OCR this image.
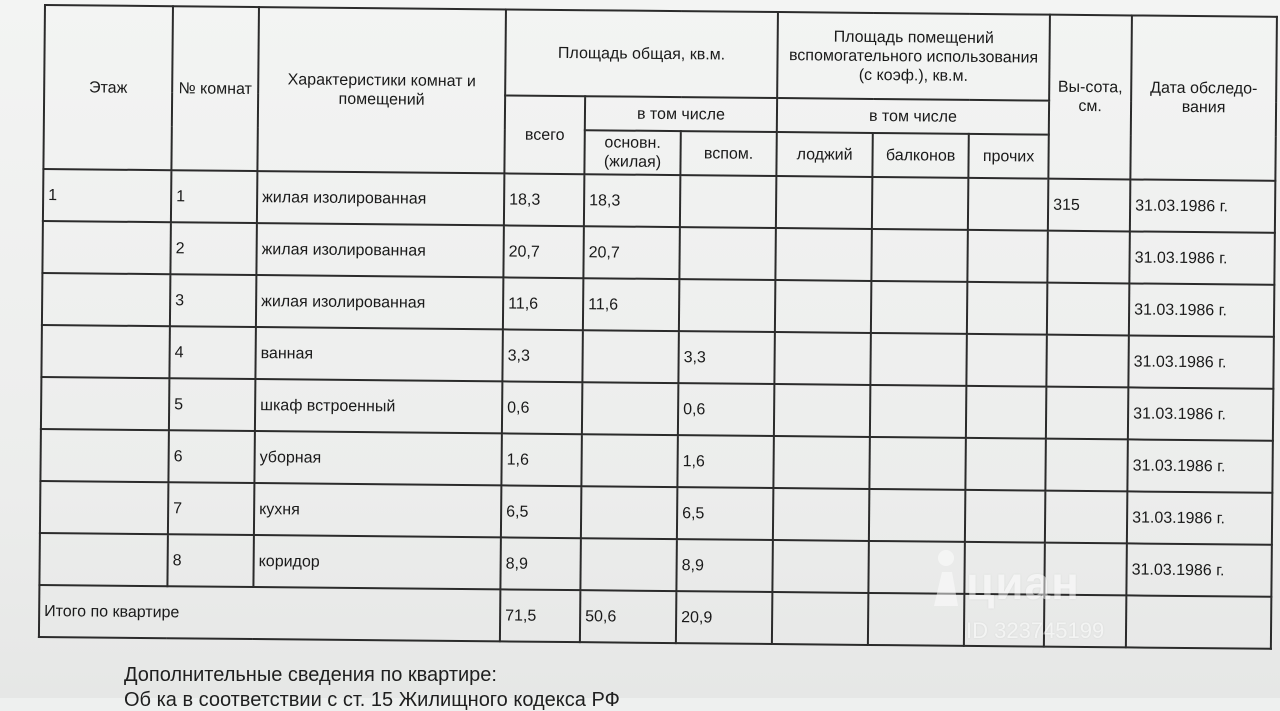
Этаж	№ комнат	Характеристики комнат и помещений	Площадь общая, кв.м.			Площадь помещений вспомогательного использования (с коэф.), кв.м.			Вы-сота, см.	Дата обследо-вания
			всего	в том числе		в том числе				
				основн. (жилая)	вспом.	лоджий	балконов	прочих		
1	1	жилая изолированная	18,3	18,3					315	31.03.1986 г.
	2	жилая изолированная	20,7	20,7						31.03.1986 г.
	3	жилая изолированная	11,6	11,6						31.03.1986 г.
	4	ванная	3,3		3,3					31.03.1986 г.
	5	шкаф встроенный	0,6		0,6					31.03.1986 г.
	6	уборная	1,6		1,6					31.03.1986 г.
	7	кухня	6,5		6,5					31.03.1986 г.
	8	коридор	8,9		8,9					31.03.1986 г.
Итого по квартире			71,5	50,6	20,9					
Дополнительные сведения по квартире:
Об ка в соответствии с ст. 15 Жилищного кодекса РФ
циан
ID 323745199
